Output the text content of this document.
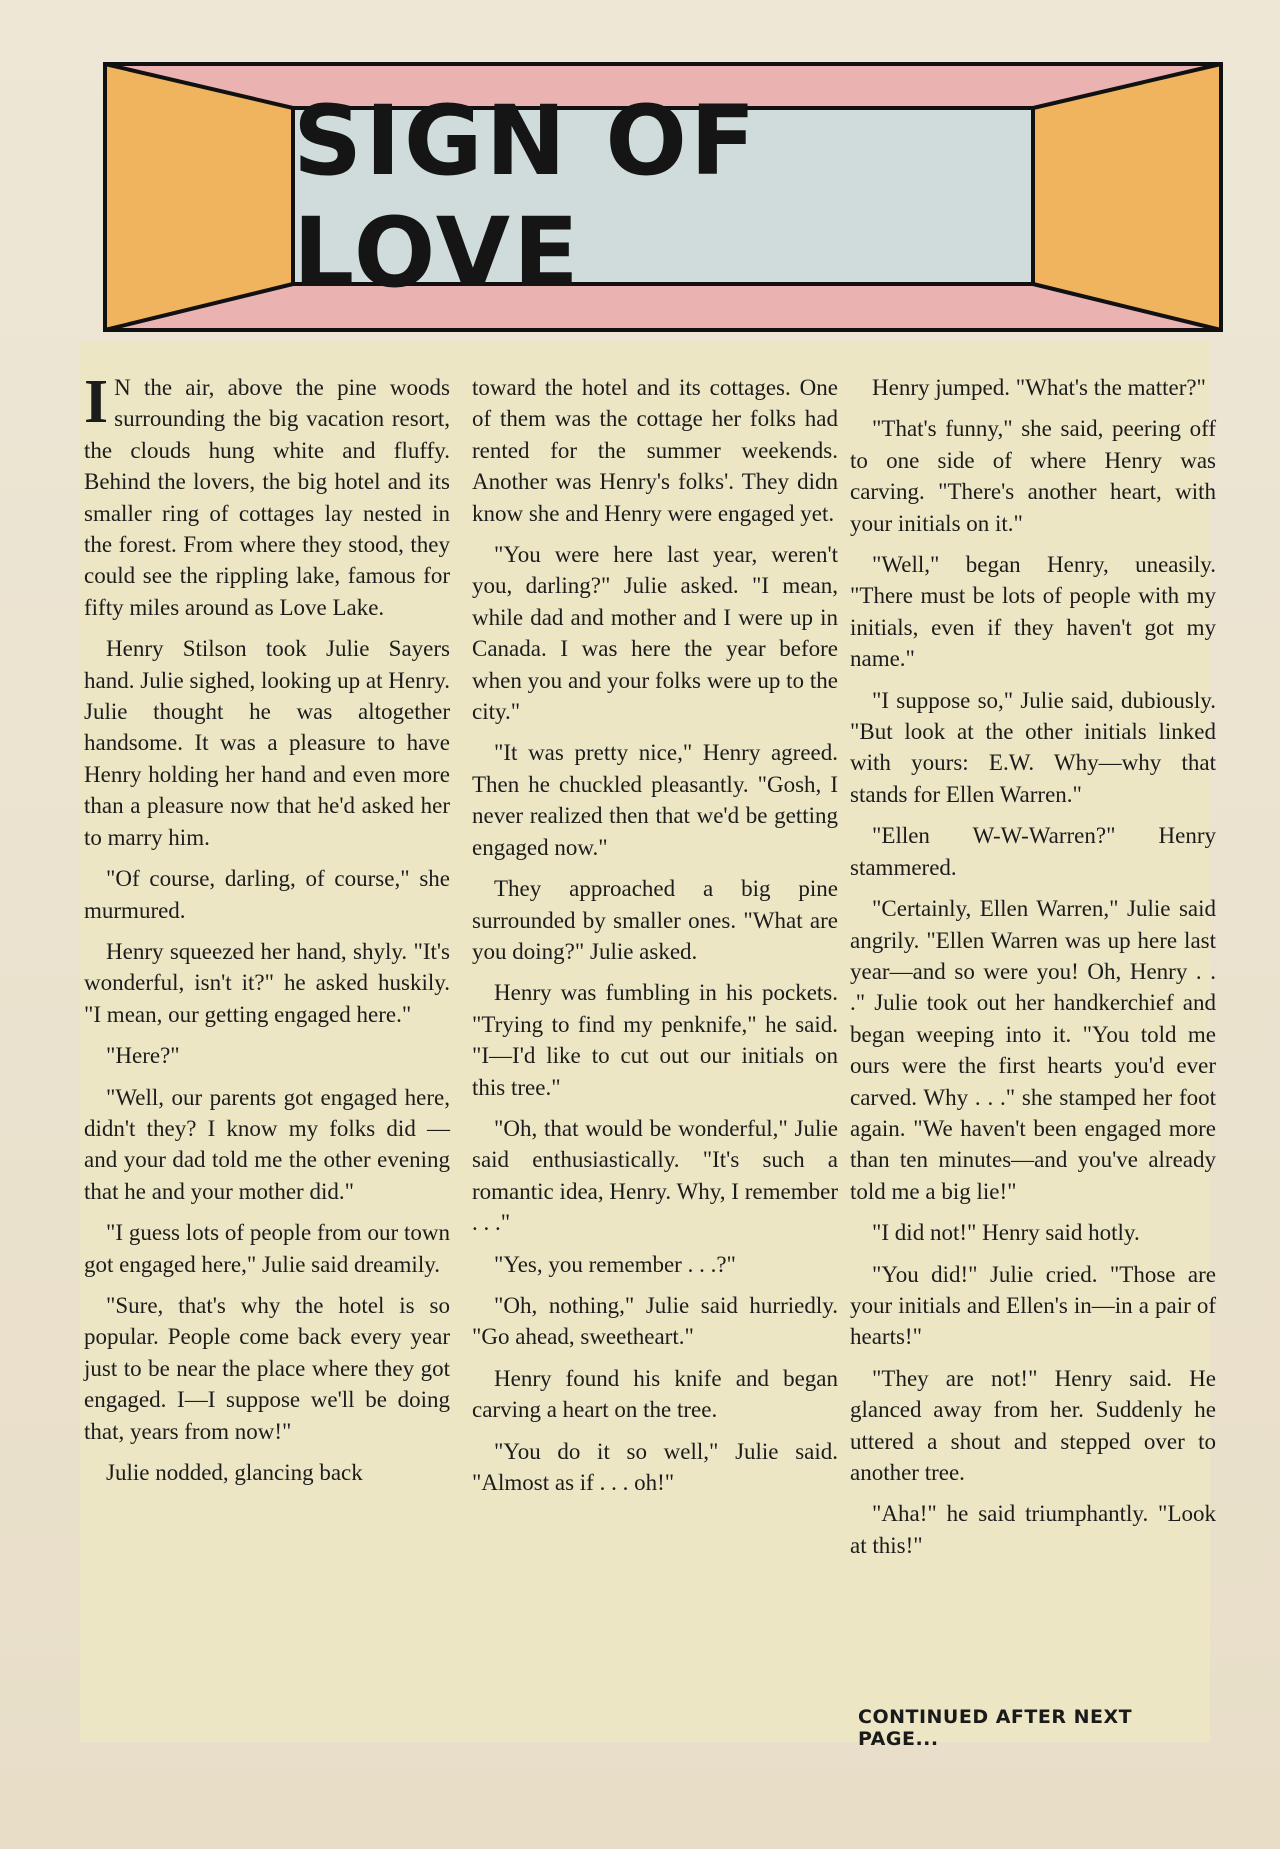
SIGN OF LOVE

I N the air, above the pine woods surrounding the big vacation resort, the clouds hung white and fluffy. Behind the lovers, the big hotel and its smaller ring of cottages lay nested in the forest. From where they stood, they could see the rippling lake, famous for fifty miles around as Love Lake.

Henry Stilson took Julie Sayers hand. Julie sighed, looking up at Henry. Julie thought he was altogether handsome. It was a pleasure to have Henry holding her hand and even more than a pleasure now that he'd asked her to marry him.

"Of course, darling, of course," she murmured.

Henry squeezed her hand, shyly. "It's wonderful, isn't it?" he asked huskily. "I mean, our getting engaged here."

"Here?"

"Well, our parents got engaged here, didn't they? I know my folks did — and your dad told me the other evening that he and your mother did."

"I guess lots of people from our town got engaged here," Julie said dreamily.

"Sure, that's why the hotel is so popular. People come back every year just to be near the place where they got engaged. I—I suppose we'll be doing that, years from now!"

Julie nodded, glancing back

toward the hotel and its cottages. One of them was the cottage her folks had rented for the summer weekends. Another was Henry's folks'. They didn know she and Henry were engaged yet.

"You were here last year, weren't you, darling?" Julie asked. "I mean, while dad and mother and I were up in Canada. I was here the year before when you and your folks were up to the city."

"It was pretty nice," Henry agreed. Then he chuckled pleasantly. "Gosh, I never realized then that we'd be getting engaged now."

They approached a big pine surrounded by smaller ones. "What are you doing?" Julie asked.

Henry was fumbling in his pockets. "Trying to find my penknife," he said. "I—I'd like to cut out our initials on this tree."

"Oh, that would be wonderful," Julie said enthusiastically. "It's such a romantic idea, Henry. Why, I remember . . ."

"Yes, you remember . . .?"

"Oh, nothing," Julie said hurriedly. "Go ahead, sweetheart."

Henry found his knife and began carving a heart on the tree.

"You do it so well," Julie said. "Almost as if . . . oh!"

Henry jumped. "What's the matter?"

"That's funny," she said, peering off to one side of where Henry was carving. "There's another heart, with your initials on it."

"Well," began Henry, uneasily. "There must be lots of people with my initials, even if they haven't got my name."

"I suppose so," Julie said, dubiously. "But look at the other initials linked with yours: E.W. Why—why that stands for Ellen Warren."

"Ellen W-W-Warren?" Henry stammered.

"Certainly, Ellen Warren," Julie said angrily. "Ellen Warren was up here last year—and so were you! Oh, Henry . . ." Julie took out her handkerchief and began weeping into it. "You told me ours were the first hearts you'd ever carved. Why . . ." she stamped her foot again. "We haven't been engaged more than ten minutes—and you've already told me a big lie!"

"I did not!" Henry said hotly.

"You did!" Julie cried. "Those are your initials and Ellen's in—in a pair of hearts!"

"They are not!" Henry said. He glanced away from her. Suddenly he uttered a shout and stepped over to another tree.

"Aha!" he said triumphantly. "Look at this!"

CONTINUED AFTER NEXT PAGE...
